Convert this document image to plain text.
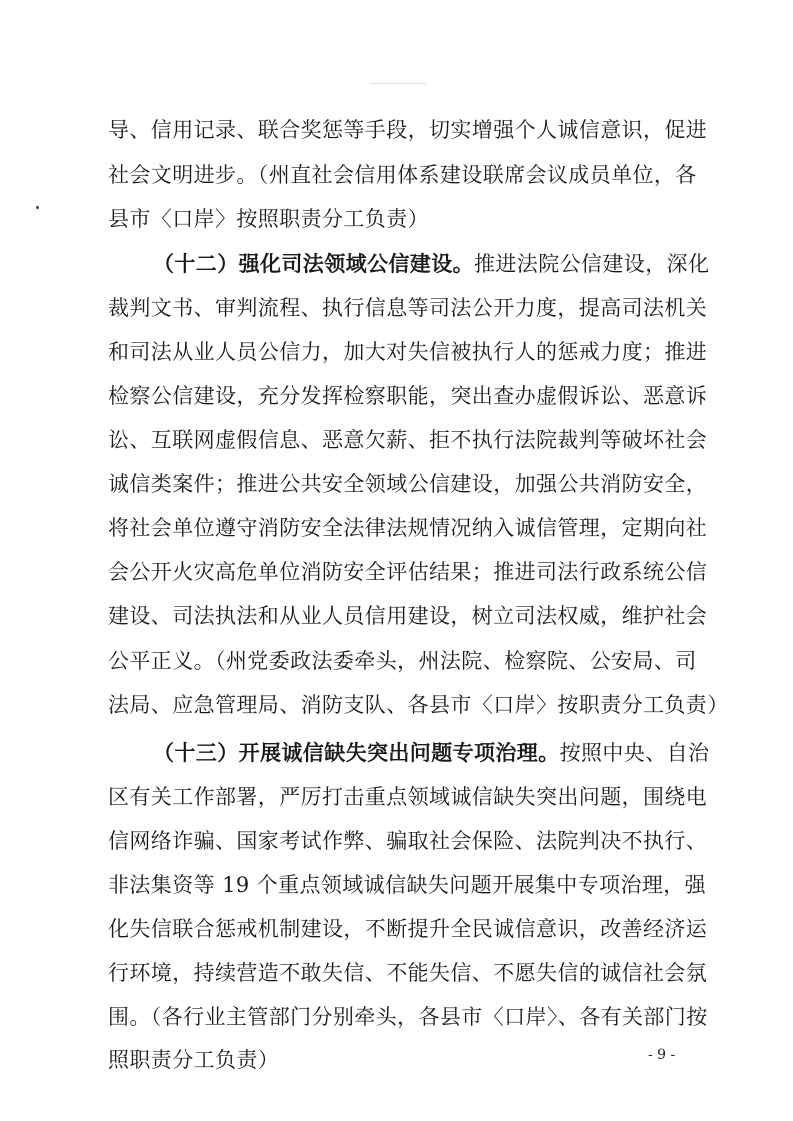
导、信用记录、联合奖惩等手段，切实增强个人诚信意识，促进
社会文明进步。（州直社会信用体系建设联席会议成员单位，各
县市〈口岸〉按照职责分工负责）
（十二）强化司法领域公信建设。推进法院公信建设，深化
裁判文书、审判流程、执行信息等司法公开力度，提高司法机关
和司法从业人员公信力，加大对失信被执行人的惩戒力度；推进
检察公信建设，充分发挥检察职能，突出查办虚假诉讼、恶意诉
讼、互联网虚假信息、恶意欠薪、拒不执行法院裁判等破坏社会
诚信类案件；推进公共安全领域公信建设，加强公共消防安全，
将社会单位遵守消防安全法律法规情况纳入诚信管理，定期向社
会公开火灾高危单位消防安全评估结果；推进司法行政系统公信
建设、司法执法和从业人员信用建设，树立司法权威，维护社会
公平正义。（州党委政法委牵头，州法院、检察院、公安局、司
法局、应急管理局、消防支队、各县市〈口岸〉按职责分工负责）
（十三）开展诚信缺失突出问题专项治理。按照中央、自治
区有关工作部署，严厉打击重点领域诚信缺失突出问题，围绕电
信网络诈骗、国家考试作弊、骗取社会保险、法院判决不执行、
非法集资等 19 个重点领域诚信缺失问题开展集中专项治理，强
化失信联合惩戒机制建设，不断提升全民诚信意识，改善经济运
行环境，持续营造不敢失信、不能失信、不愿失信的诚信社会氛
围。（各行业主管部门分别牵头，各县市〈口岸〉、各有关部门按
照职责分工负责）	- 9 -
